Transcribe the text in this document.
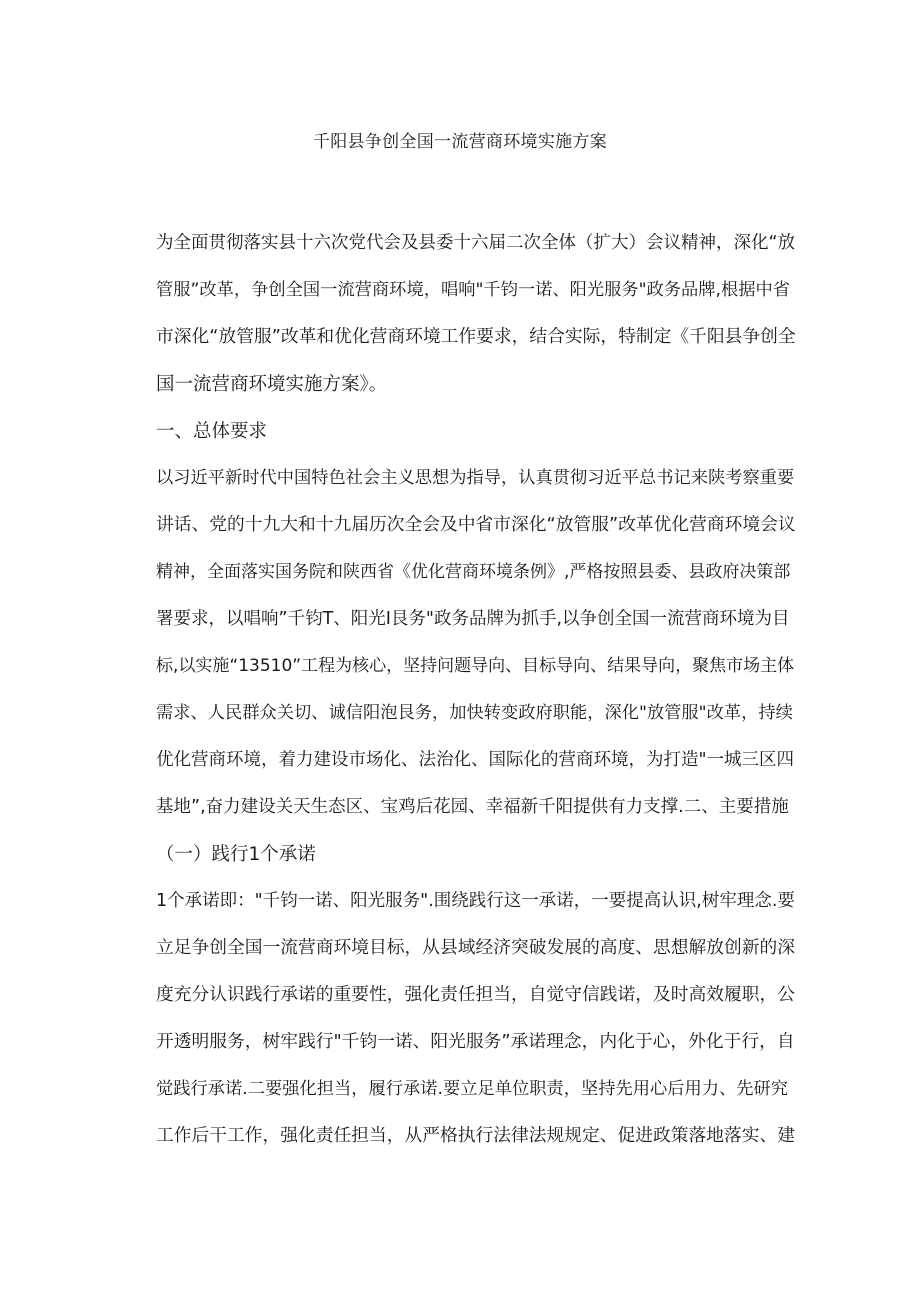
千阳县争创全国一流营商环境实施方案
为全面贯彻落实县十六次党代会及县委十六届二次全体（扩大）会议精神，深化“放
管服”改革，争创全国一流营商环境，唱响"千钧一诺、阳光服务"政务品牌,根据中省
市深化“放管服”改革和优化营商环境工作要求，结合实际，特制定《千阳县争创全
国一流营商环境实施方案》。
一、总体要求
以习近平新时代中国特色社会主义思想为指导，认真贯彻习近平总书记来陕考察重要
讲话、党的十九大和十九届历次全会及中省市深化“放管服”改革优化营商环境会议
精神，全面落实国务院和陕西省《优化营商环境条例》,严格按照县委、县政府决策部
署要求，以唱响”千钧T、阳光I艮务"政务品牌为抓手,以争创全国一流营商环境为目
标,以实施“13510”工程为核心，坚持问题导向、目标导向、结果导向，聚焦市场主体
需求、人民群众关切、诚信阳泡艮务，加快转变政府职能，深化"放管服"改革，持续
优化营商环境，着力建设市场化、法治化、国际化的营商环境，为打造"一城三区四
基地”,奋力建设关天生态区、宝鸡后花园、幸福新千阳提供有力支撑.二、主要措施
（一）践行1个承诺
1个承诺即："千钧一诺、阳光服务".围绕践行这一承诺，一要提高认识,树牢理念.要
立足争创全国一流营商环境目标，从县域经济突破发展的高度、思想解放创新的深
度充分认识践行承诺的重要性，强化责任担当，自觉守信践诺，及时高效履职，公
开透明服务，树牢践行"千钧一诺、阳光服务”承诺理念，内化于心，外化于行，自
觉践行承诺.二要强化担当，履行承诺.要立足单位职责，坚持先用心后用力、先研究
工作后干工作，强化责任担当，从严格执行法律法规规定、促进政策落地落实、建
